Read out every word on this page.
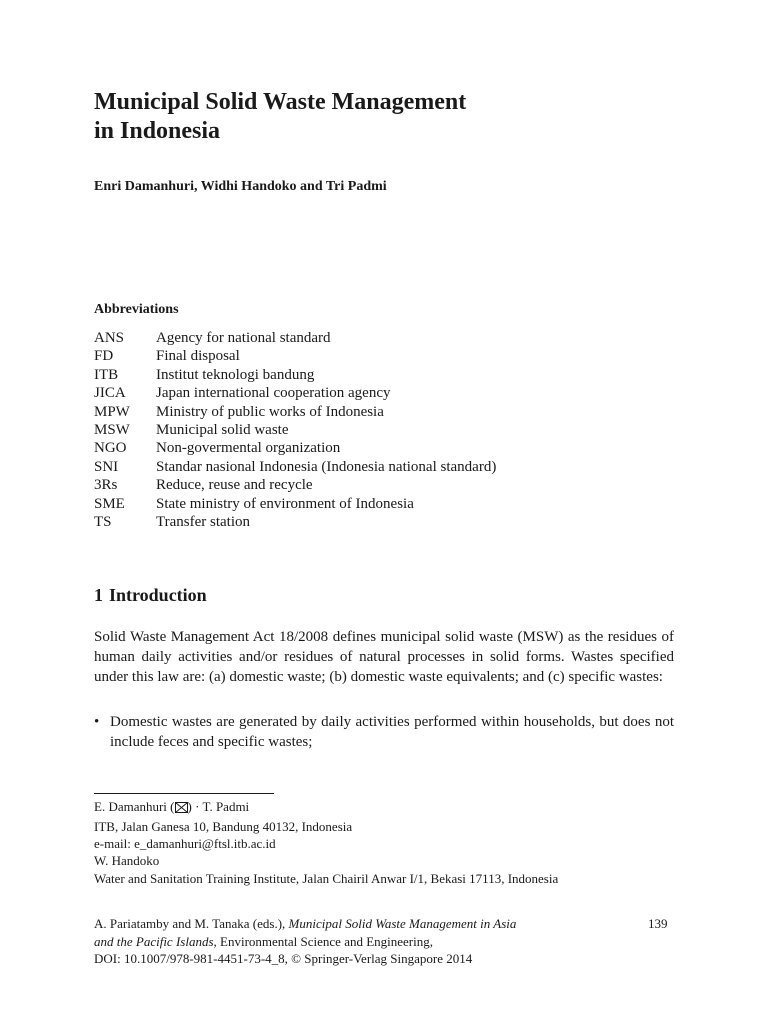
Municipal Solid Waste Management
in Indonesia
Enri Damanhuri, Widhi Handoko and Tri Padmi
Abbreviations
ANS Agency for national standard
FD	Final disposal
ITB	Institut teknologi bandung
JICA Japan international cooperation agency
MPW Ministry of public works of Indonesia
MSW Municipal solid waste
NGO Non-govermental organization
SNI	Standar nasional Indonesia (Indonesia national standard)
3Rs	Reduce, reuse and recycle
SME State ministry of environment of Indonesia
TS	Transfer station
1 Introduction
Solid Waste Management Act 18/2008 defines municipal solid waste (MSW) as the residues of human daily activities and/or residues of natural processes in solid forms. Wastes specified under this law are: (a) domestic waste; (b) domestic waste equivalents; and (c) specific wastes:
• Domestic wastes are generated by daily activities performed within households, but does not include feces and specific wastes;
E. Damanhuri ( ) · T. Padmi
ITB, Jalan Ganesa 10, Bandung 40132, Indonesia
e-mail: e_damanhuri@ftsl.itb.ac.id
W. Handoko
Water and Sanitation Training Institute, Jalan Chairil Anwar I/1, Bekasi 17113, Indonesia
A. Pariatamby and M. Tanaka (eds.), Municipal Solid Waste Management in Asia
and the Pacific Islands, Environmental Science and Engineering,
DOI: 10.1007/978-981-4451-73-4_8, © Springer-Verlag Singapore 2014
139
